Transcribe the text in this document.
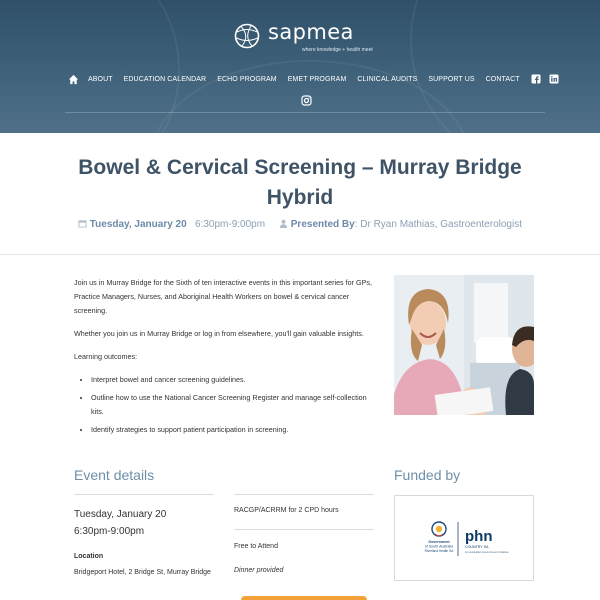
sapmea
where knowledge + health meet
ABOUT EDUCATION CALENDAR ECHO PROGRAM EMET PROGRAM CLINICAL AUDITS SUPPORT US CONTACT
Bowel & Cervical Screening – Murray Bridge Hybrid
Tuesday, January 20 6:30pm-9:00pm	Presented By: Dr Ryan Mathias, Gastroenterologist

Join us in Murray Bridge for the Sixth of ten interactive events in this important series for GPs, Practice Managers, Nurses, and Aboriginal Health Workers on bowel & cervical cancer screening.

Whether you join us in Murray Bridge or log in from elsewhere, you'll gain valuable insights.

Learning outcomes:

• Interpret bowel and cancer screening guidelines.
• Outline how to use the National Cancer Screening Register and manage self-collection kits.
• Identify strategies to support patient participation in screening.
Event details	Funded by
Tuesday, January 20
6:30pm-9:00pm
Location
Bridgeport Hotel, 2 Bridge St, Murray Bridge
RACGP/ACRRM for 2 CPD hours
Free to Attend
Dinner provided
Government
of South Australia
Riverland Health SA
phn
COUNTRY SA
An Australian Government Initiative
